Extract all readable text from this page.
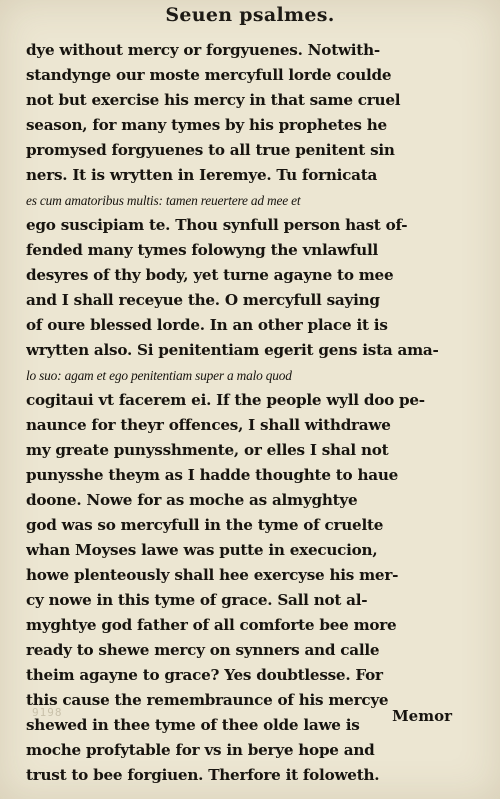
Seuen psalmes.
dye without mercy or forgyuenes. Notwith-
standynge our moste mercyfull lorde coulde
not but exercise his mercy in that same cruel
season, for many tymes by his prophetes he
promysed forgyuenes to all true penitent sin
ners. It is wrytten in Ieremye. Tu fornicata
es cum amatoribus multis: tamen reuertere ad mee et
ego suscipiam te. Thou synfull person hast of-
fended many tymes folowyng the vnlawfull
desyres of thy body, yet turne agayne to mee
and I shall receyue the. O mercyfull saying
of oure blessed lorde. In an other place it is
wrytten also. Si penitentiam egerit gens ista ama-
lo suo: agam et ego penitentiam super a malo quod
cogitaui vt facerem ei. If the people wyll doo pe-
naunce for theyr offences, I shall withdrawe
my greate punysshmente, or elles I shal not
punysshe theym as I hadde thoughte to haue
doone. Nowe for as moche as almyghtye
god was so mercyfull in the tyme of cruelte
whan Moyses lawe was putte in execucion,
howe plenteously shall hee exercyse his mer-
cy nowe in this tyme of grace. Sall not al-
myghtye god father of all comforte bee more
ready to shewe mercy on synners and calle
theim agayne to grace? Yes doubtlesse. For
this cause the remembraunce of his mercye
shewed in thee tyme of thee olde lawe is
moche profytable for vs in berye hope and
trust to bee forgiuen. Therfore it foloweth.
9198	Memor
